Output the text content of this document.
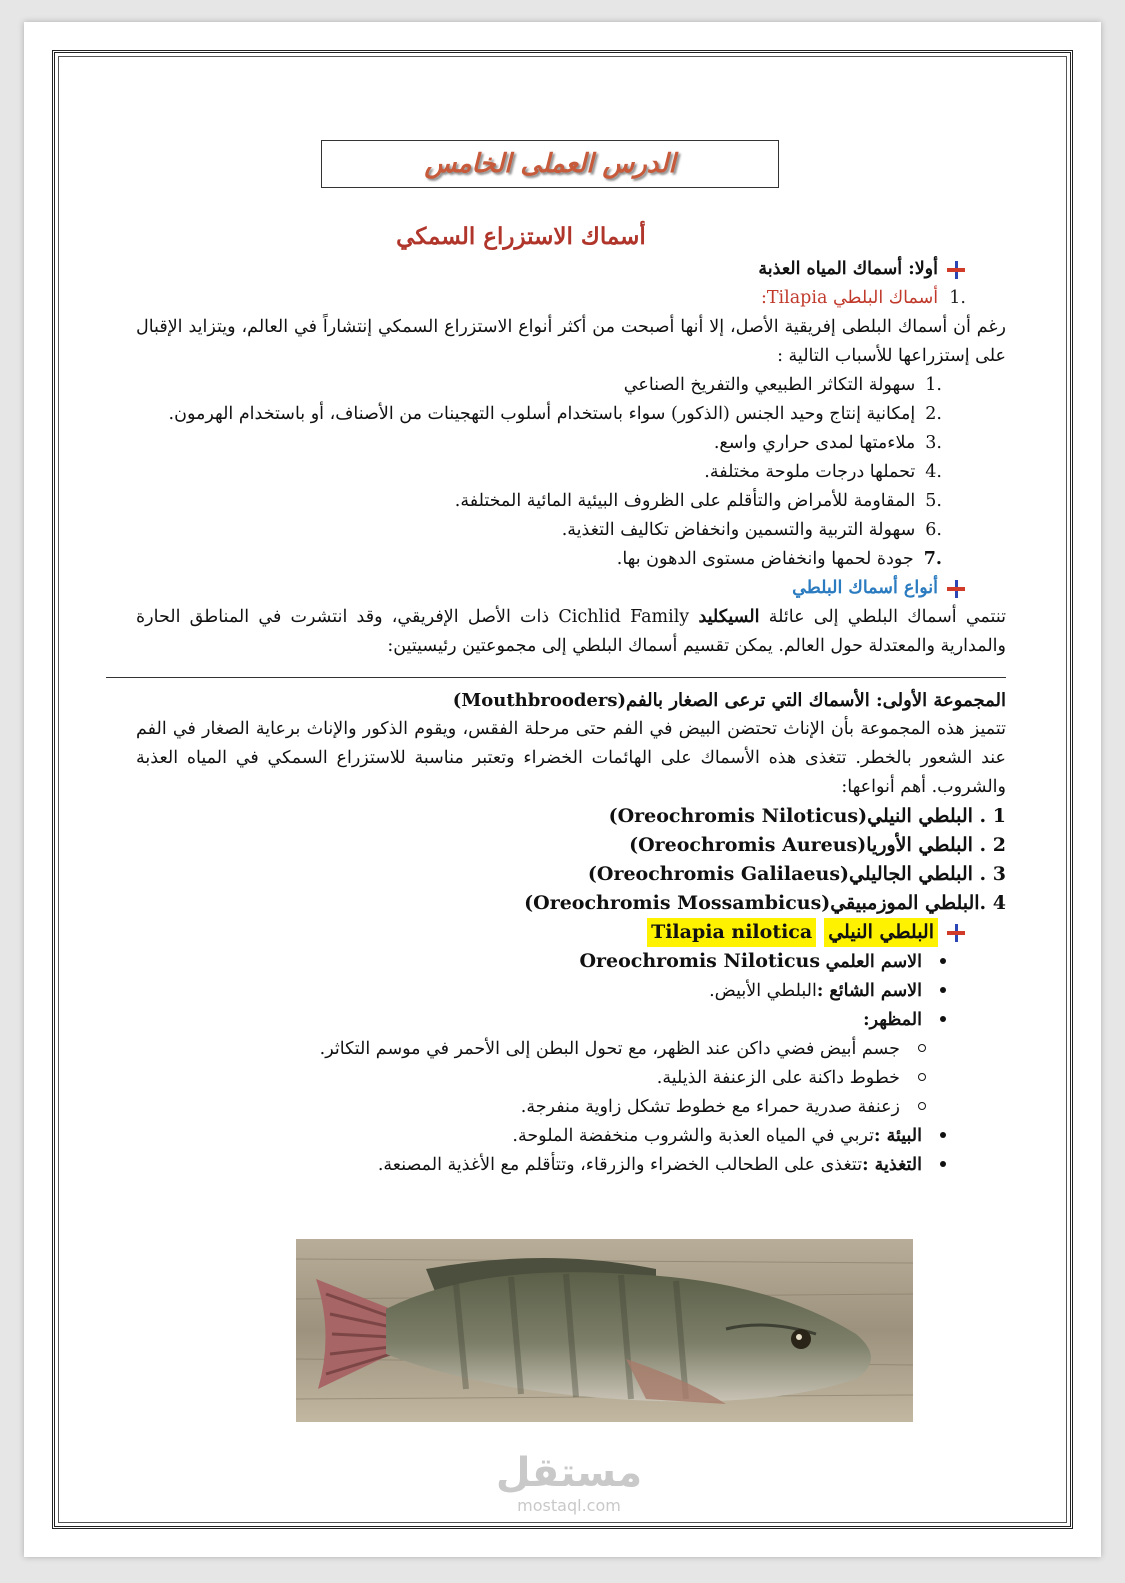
الدرس العملى الخامس
أسماك الاستزراع السمكي
أولا: أسماك المياه العذبة
.1  أسماك البلطي Tilapia:
رغم أن أسماك البلطى إفريقية الأصل، إلا أنها أصبحت من أكثر أنواع الاستزراع السمكي إنتشاراً في العالم، ويتزايد الإقبال على إستزراعها للأسباب التالية :
.1
سهولة التكاثر الطبيعي والتفريخ الصناعي
.2
إمكانية إنتاج وحيد الجنس (الذكور) سواء باستخدام أسلوب التهجينات من الأصناف، أو باستخدام الهرمون.
.3
ملاءمتها لمدى حراري واسع.
.4
تحملها درجات ملوحة مختلفة.
.5
المقاومة للأمراض والتأقلم على الظروف البيئية المائية المختلفة.
.6
سهولة التربية والتسمين وانخفاض تكاليف التغذية.
.7
جودة لحمها وانخفاض مستوى الدهون بها.
أنواع أسماك البلطي
تنتمي أسماك البلطي إلى عائلة السيكليد Cichlid Family ذات الأصل الإفريقي، وقد انتشرت في المناطق الحارة والمدارية والمعتدلة حول العالم. يمكن تقسيم أسماك البلطي إلى مجموعتين رئيسيتين:
المجموعة الأولى: الأسماك التي ترعى الصغار بالفم(Mouthbrooders)
تتميز هذه المجموعة بأن الإناث تحتضن البيض في الفم حتى مرحلة الفقس، ويقوم الذكور والإناث برعاية الصغار في الفم عند الشعور بالخطر. تتغذى هذه الأسماك على الهائمات الخضراء وتعتبر مناسبة للاستزراع السمكي في المياه العذبة والشروب. أهم أنواعها:
1 . البلطي النيلي(Oreochromis Niloticus)
2 . البلطي الأوريا(Oreochromis Aureus)
3 . البلطي الجاليلي(Oreochromis Galilaeus)
4 .البلطي الموزمبيقي(Oreochromis Mossambicus)
البلطي النيلي
Tilapia nilotica
الاسم العلمي Oreochromis Niloticus
الاسم الشائع :البلطي الأبيض.
المظهر:
جسم أبيض فضي داكن عند الظهر، مع تحول البطن إلى الأحمر في موسم التكاثر.
خطوط داكنة على الزعنفة الذيلية.
زعنفة صدرية حمراء مع خطوط تشكل زاوية منفرجة.
البيئة :تربي في المياه العذبة والشروب منخفضة الملوحة.
التغذية :تتغذى على الطحالب الخضراء والزرقاء، وتتأقلم مع الأغذية المصنعة.
مستقل
mostaql.com
